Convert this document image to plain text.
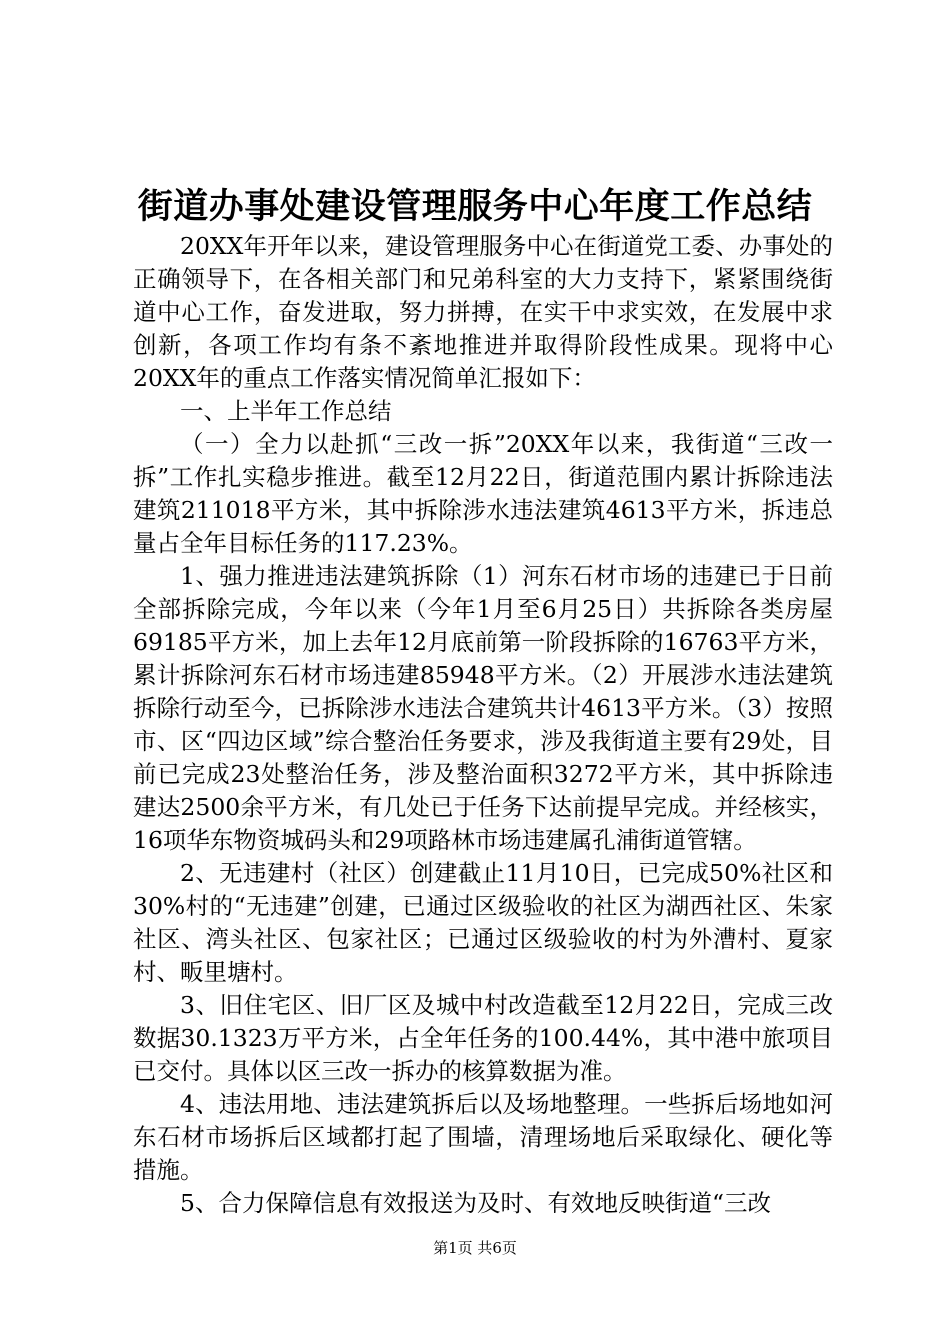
街道办事处建设管理服务中心年度工作总结

20XX年开年以来，建设管理服务中心在街道党工委、办事处的正确领导下，在各相关部门和兄弟科室的大力支持下，紧紧围绕街道中心工作，奋发进取，努力拼搏，在实干中求实效，在发展中求创新，各项工作均有条不紊地推进并取得阶段性成果。现将中心20XX年的重点工作落实情况简单汇报如下：

一、上半年工作总结

（一）全力以赴抓“三改一拆”20XX年以来，我街道“三改一拆”工作扎实稳步推进。截至12月22日，街道范围内累计拆除违法建筑211018平方米，其中拆除涉水违法建筑4613平方米，拆违总量占全年目标任务的117.23%。

1、强力推进违法建筑拆除（1）河东石材市场的违建已于日前全部拆除完成，今年以来（今年1月至6月25日）共拆除各类房屋69185平方米，加上去年12月底前第一阶段拆除的16763平方米，累计拆除河东石材市场违建85948平方米。（2）开展涉水违法建筑拆除行动至今，已拆除涉水违法合建筑共计4613平方米。（3）按照市、区“四边区域”综合整治任务要求，涉及我街道主要有29处，目前已完成23处整治任务，涉及整治面积3272平方米，其中拆除违建达2500余平方米，有几处已于任务下达前提早完成。并经核实，16项华东物资城码头和29项路林市场违建属孔浦街道管辖。

2、无违建村（社区）创建截止11月10日，已完成50%社区和30%村的“无违建”创建，已通过区级验收的社区为湖西社区、朱家社区、湾头社区、包家社区；已通过区级验收的村为外漕村、夏家村、畈里塘村。

3、旧住宅区、旧厂区及城中村改造截至12月22日，完成三改数据30.1323万平方米，占全年任务的100.44%，其中港中旅项目已交付。具体以区三改一拆办的核算数据为准。

4、违法用地、违法建筑拆后以及场地整理。一些拆后场地如河东石材市场拆后区域都打起了围墙，清理场地后采取绿化、硬化等措施。

5、合力保障信息有效报送为及时、有效地反映街道“三改

第1页 共6页
